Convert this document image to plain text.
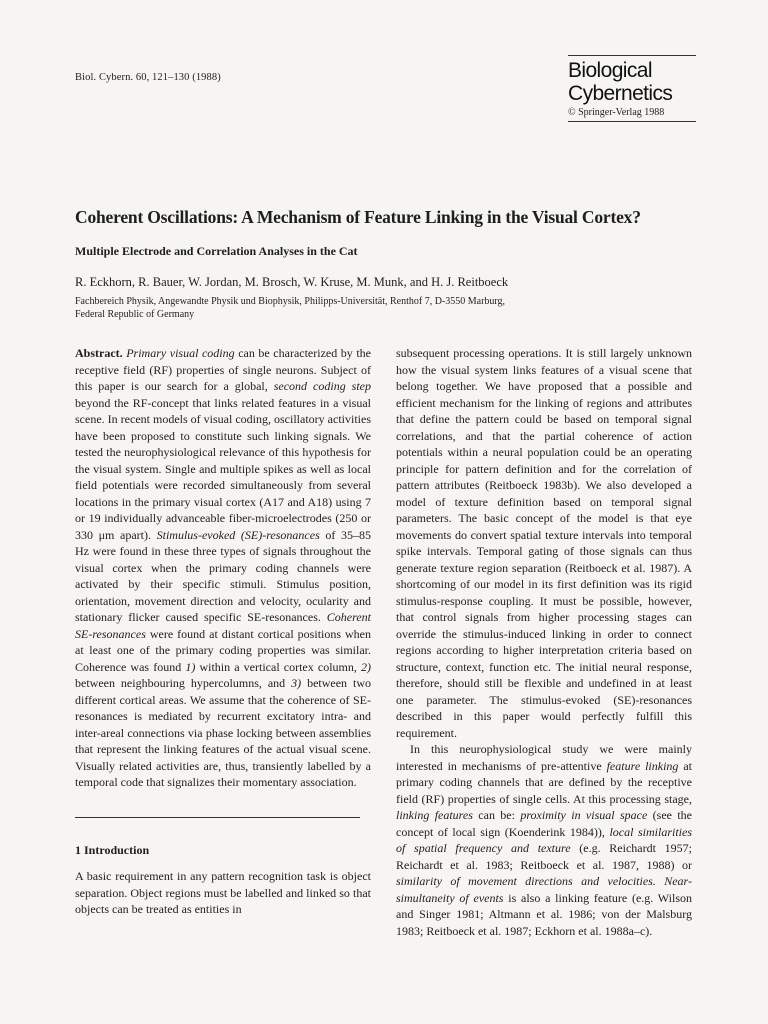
Biol. Cybern. 60, 121–130 (1988)	Biological
Cybernetics
© Springer-Verlag 1988
Coherent Oscillations: A Mechanism of Feature Linking in the Visual Cortex?
Multiple Electrode and Correlation Analyses in the Cat
R. Eckhorn, R. Bauer, W. Jordan, M. Brosch, W. Kruse, M. Munk, and H. J. Reitboeck
Fachbereich Physik, Angewandte Physik und Biophysik, Philipps-Universität, Renthof 7, D-3550 Marburg,
Federal Republic of Germany

Abstract. Primary visual coding can be characterized by the receptive field (RF) properties of single neurons. Subject of this paper is our search for a global, second coding step beyond the RF-concept that links related features in a visual scene. In recent models of visual coding, oscillatory activities have been proposed to constitute such linking signals. We tested the neurophysiological relevance of this hypothesis for the visual system. Single and multiple spikes as well as local field potentials were recorded simultaneously from several locations in the primary visual cortex (A17 and A18) using 7 or 19 individually advanceable fiber-microelectrodes (250 or 330 μm apart). Stimulus-evoked (SE)-resonances of 35–85 Hz were found in these three types of signals throughout the visual cortex when the primary coding channels were activated by their specific stimuli. Stimulus position, orientation, movement direction and velocity, ocularity and stationary flicker caused specific SE-resonances. Coherent SE-resonances were found at distant cortical positions when at least one of the primary coding properties was similar. Coherence was found 1) within a vertical cortex column, 2) between neighbouring hypercolumns, and 3) between two different cortical areas. We assume that the coherence of SE-resonances is mediated by recurrent excitatory intra- and inter-areal connections via phase locking between assemblies that represent the linking features of the actual visual scene. Visually related activities are, thus, transiently labelled by a temporal code that signalizes their momentary association.

1 Introduction

A basic requirement in any pattern recognition task is object separation. Object regions must be labelled and linked so that objects can be treated as entities in

subsequent processing operations. It is still largely unknown how the visual system links features of a visual scene that belong together. We have proposed that a possible and efficient mechanism for the linking of regions and attributes that define the pattern could be based on temporal signal correlations, and that the partial coherence of action potentials within a neural population could be an operating principle for pattern definition and for the correlation of pattern attributes (Reitboeck 1983b). We also developed a model of texture definition based on temporal signal parameters. The basic concept of the model is that eye movements do convert spatial texture intervals into temporal spike intervals. Temporal gating of those signals can thus generate texture region separation (Reitboeck et al. 1987). A shortcoming of our model in its first definition was its rigid stimulus-response coupling. It must be possible, however, that control signals from higher processing stages can override the stimulus-induced linking in order to connect regions according to higher interpretation criteria based on structure, context, function etc. The initial neural response, therefore, should still be flexible and undefined in at least one parameter. The stimulus-evoked (SE)-resonances described in this paper would perfectly fulfill this requirement.

In this neurophysiological study we were mainly interested in mechanisms of pre-attentive feature linking at primary coding channels that are defined by the receptive field (RF) properties of single cells. At this processing stage, linking features can be: proximity in visual space (see the concept of local sign (Koenderink 1984)), local similarities of spatial frequency and texture (e.g. Reichardt 1957; Reichardt et al. 1983; Reitboeck et al. 1987, 1988) or similarity of movement directions and velocities. Near-simultaneity of events is also a linking feature (e.g. Wilson and Singer 1981; Altmann et al. 1986; von der Malsburg 1983; Reitboeck et al. 1987; Eckhorn et al. 1988a–c).
